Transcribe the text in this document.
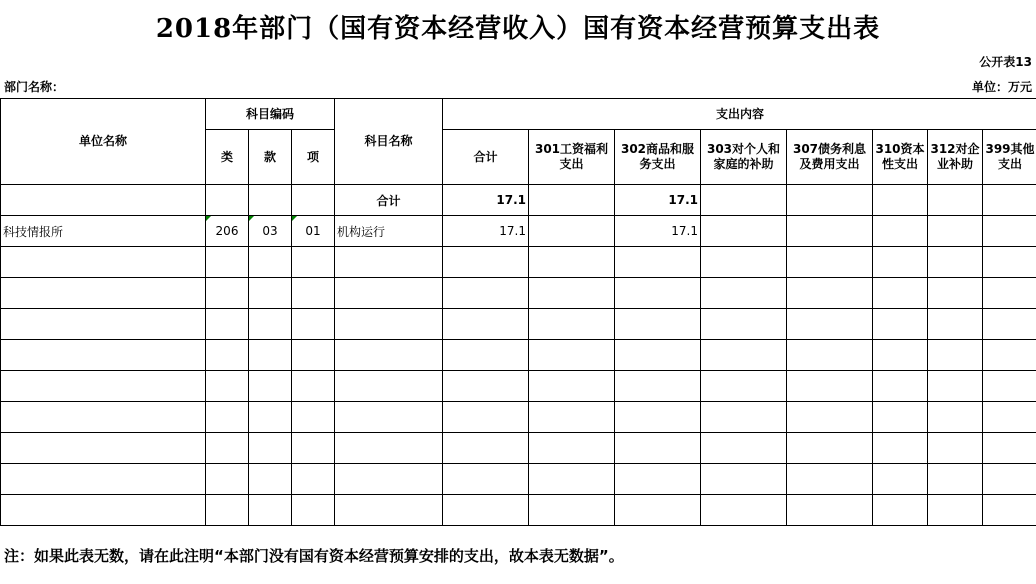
2018年部门（国有资本经营收入）国有资本经营预算支出表
公开表13
部门名称：	单位：万元
单位名称	科目编码			科目名称	支出内容							
	类	款	项		合计	301工资福利支出	302商品和服务支出	303对个人和家庭的补助	307债务利息及费用支出	310资本性支出	312对企业补助	399其他支出
				合计	17.1		17.1					
科技情报所	206	03	01	机构运行	17.1		17.1					

注：如果此表无数，请在此注明“本部门没有国有资本经营预算安排的支出，故本表无数据”。
